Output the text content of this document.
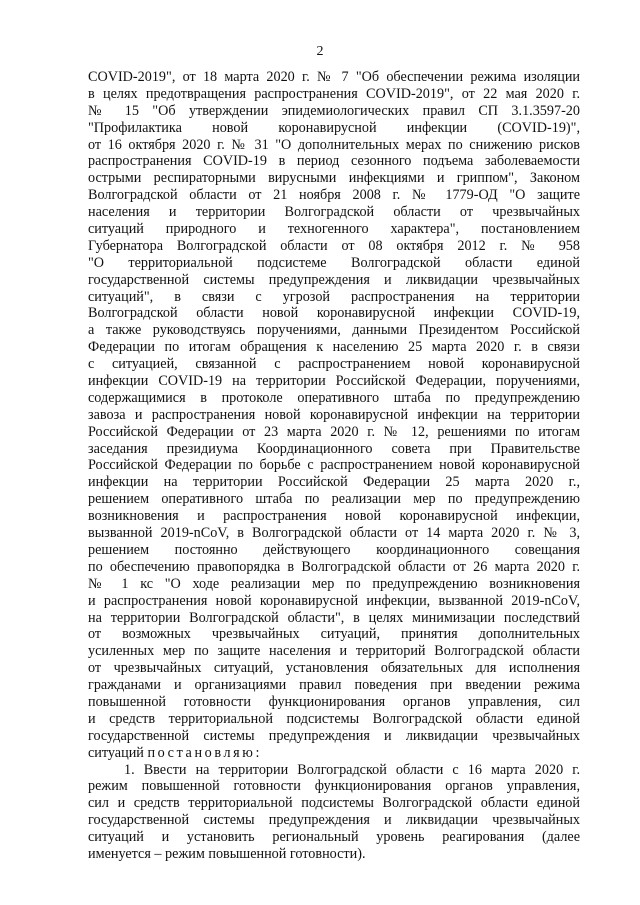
2
COVID-2019", от 18 марта 2020 г. № 7 "Об обеспечении режима изоляции
в целях предотвращения распространения COVID-2019", от 22 мая 2020 г.
№ 15 "Об утверждении эпидемиологических правил СП 3.1.3597-20
"Профилактика новой коронавирусной инфекции (COVID-19)",
от 16 октября 2020 г. № 31 "О дополнительных мерах по снижению рисков
распространения COVID-19 в период сезонного подъема заболеваемости
острыми респираторными вирусными инфекциями и гриппом", Законом
Волгоградской области от 21 ноября 2008 г. № 1779-ОД "О защите
населения и территории Волгоградской области от чрезвычайных
ситуаций природного и техногенного характера", постановлением
Губернатора Волгоградской области от 08 октября 2012 г. № 958
"О территориальной подсистеме Волгоградской области единой
государственной системы предупреждения и ликвидации чрезвычайных
ситуаций", в связи с угрозой распространения на территории
Волгоградской области новой коронавирусной инфекции COVID-19,
а также руководствуясь поручениями, данными Президентом Российской
Федерации по итогам обращения к населению 25 марта 2020 г. в связи
с ситуацией, связанной с распространением новой коронавирусной
инфекции COVID-19 на территории Российской Федерации, поручениями,
содержащимися в протоколе оперативного штаба по предупреждению
завоза и распространения новой коронавирусной инфекции на территории
Российской Федерации от 23 марта 2020 г. № 12, решениями по итогам
заседания президиума Координационного совета при Правительстве
Российской Федерации по борьбе с распространением новой коронавирусной
инфекции на территории Российской Федерации 25 марта 2020 г.,
решением оперативного штаба по реализации мер по предупреждению
возникновения и распространения новой коронавирусной инфекции,
вызванной 2019-nCoV, в Волгоградской области от 14 марта 2020 г. № 3,
решением постоянно действующего координационного совещания
по обеспечению правопорядка в Волгоградской области от 26 марта 2020 г.
№ 1 кс "О ходе реализации мер по предупреждению возникновения
и распространения новой коронавирусной инфекции, вызванной 2019-nCoV,
на территории Волгоградской области", в целях минимизации последствий
от возможных чрезвычайных ситуаций, принятия дополнительных
усиленных мер по защите населения и территорий Волгоградской области
от чрезвычайных ситуаций, установления обязательных для исполнения
гражданами и организациями правил поведения при введении режима
повышенной готовности функционирования органов управления, сил
и средств территориальной подсистемы Волгоградской области единой
государственной системы предупреждения и ликвидации чрезвычайных
ситуаций постановляю:
1. Ввести на территории Волгоградской области с 16 марта 2020 г.
режим повышенной готовности функционирования органов управления,
сил и средств территориальной подсистемы Волгоградской области единой
государственной системы предупреждения и ликвидации чрезвычайных
ситуаций и установить региональный уровень реагирования (далее
именуется – режим повышенной готовности).
